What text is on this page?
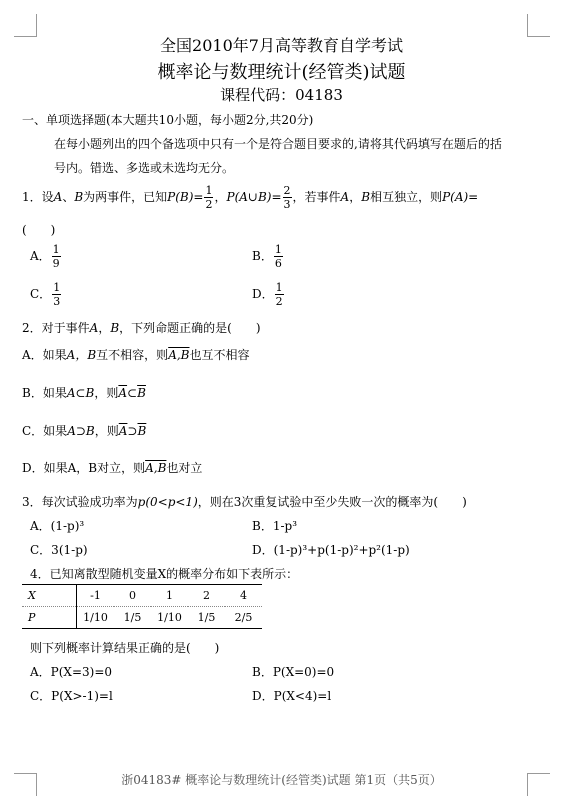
全国2010年7月高等教育自学考试
概率论与数理统计(经管类)试题
课程代码：04183
一、单项选择题(本大题共10小题，每小题2分,共20分)
在每小题列出的四个备选项中只有一个是符合题目要求的,请将其代码填写在题后的括
号内。错选、多选或未选均无分。
1．设A、B为两事件，已知$P(B)= \frac{1}{2}$ ，P(A∪B)= $\frac{2}{3}$ ，若事件A，B相互独立，则P(A)=
(　　)
A． $\frac{1}{9}$	B． $\frac{1}{6}$
C． $\frac{1}{3}$	D． $\frac{1}{2}$
2．对于事件A，B，下列命题正确的是(　　)
A．如果A，B互不相容，则A,B也互不相容
B．如果A⊂B，则$\overline{A}\subset\overline{B}$
C．如果A⊃B，则$\overline{A}⊃\overline{B}$
D．如果A，B对立，则A,B也对立
3．每次试验成功率为p(0<p<1)，则在3次重复试验中至少失败一次的概率为(　　)
A．(1-p)³	B．1-p³
C．3(1-p)	D．(1-p)³+p(1-p)²+p²(1-p)
4．已知离散型随机变量X的概率分布如下表所示：
X	-1	0	1	2	4
P	1/10	1/5	1/10	1/5	2/5
则下列概率计算结果正确的是(　　)
A．P(X=3)=0	B．P(X=0)=0
C．P(X>-1)=l	D．P(X<4)=l
浙04183# 概率论与数理统计(经管类)试题 第1页（共5页）
